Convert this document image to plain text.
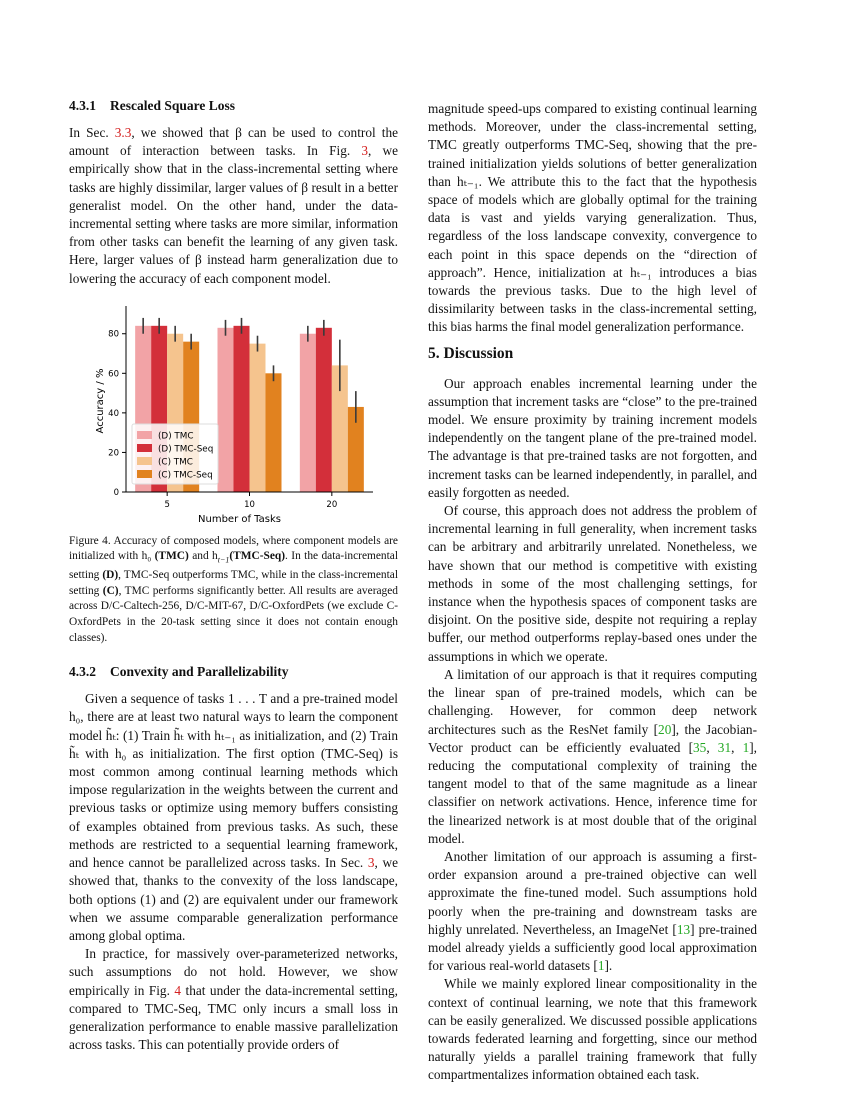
4.3.1 Rescaled Square Loss

In Sec. 3.3, we showed that β can be used to control the amount of interaction between tasks. In Fig. 3, we empirically show that in the class-incremental setting where tasks are highly dissimilar, larger values of β result in a better generalist model. On the other hand, under the data-incremental setting where tasks are more similar, information from other tasks can benefit the learning of any given task. Here, larger values of β instead harm generalization due to lowering the accuracy of each component model.

5	10	20
0
20
40
60
80
Number of Tasks
Accuracy / %
(D) TMC
(D) TMC-Seq
(C) TMC
(C) TMC-Seq
Figure 4. Accuracy of composed models, where component models are initialized with h₀ (TMC) and $h_{t-1}(TMC-Seq)$. In the data-incremental setting (D), TMC-Seq outperforms TMC, while in the class-incremental setting (C), TMC performs significantly better. All results are averaged across D/C-Caltech-256, D/C-MIT-67, D/C-OxfordPets (we exclude C-OxfordPets in the 20-task setting since it does not contain enough classes).
4.3.2 Convexity and Parallelizability

Given a sequence of tasks 1 . . . T and a pre-trained model h₀, there are at least two natural ways to learn the component model h̃ₜ: (1) Train h̃ₜ with hₜ₋₁ as initialization, and (2) Train h̃ₜ with h₀ as initialization. The first option (TMC-Seq) is most common among continual learning methods which impose regularization in the weights between the current and previous tasks or optimize using memory buffers consisting of examples obtained from previous tasks. As such, these methods are restricted to a sequential learning framework, and hence cannot be parallelized across tasks. In Sec. 3, we showed that, thanks to the convexity of the loss landscape, both options (1) and (2) are equivalent under our framework when we assume comparable generalization performance among global optima.

In practice, for massively over-parameterized networks, such assumptions do not hold. However, we show empirically in Fig. 4 that under the data-incremental setting, compared to TMC-Seq, TMC only incurs a small loss in generalization performance to enable massive parallelization across tasks. This can potentially provide orders of

magnitude speed-ups compared to existing continual learning methods. Moreover, under the class-incremental setting, TMC greatly outperforms TMC-Seq, showing that the pre-trained initialization yields solutions of better generalization than hₜ₋₁. We attribute this to the fact that the hypothesis space of models which are globally optimal for the training data is vast and yields varying generalization. Thus, regardless of the loss landscape convexity, convergence to each point in this space depends on the “direction of approach”. Hence, initialization at hₜ₋₁ introduces a bias towards the previous tasks. Due to the high level of dissimilarity between tasks in the class-incremental setting, this bias harms the final model generalization performance.

5. Discussion

Our approach enables incremental learning under the assumption that increment tasks are “close” to the pre-trained model. We ensure proximity by training increment models independently on the tangent plane of the pre-trained model. The advantage is that pre-trained tasks are not forgotten, and increment tasks can be learned independently, in parallel, and easily forgotten as needed.

Of course, this approach does not address the problem of incremental learning in full generality, when increment tasks can be arbitrary and arbitrarily unrelated. Nonetheless, we have shown that our method is competitive with existing methods in some of the most challenging settings, for instance when the hypothesis spaces of component tasks are disjoint. On the positive side, despite not requiring a replay buffer, our method outperforms replay-based ones under the assumptions in which we operate.

A limitation of our approach is that it requires computing the linear span of pre-trained models, which can be challenging. However, for common deep network architectures such as the ResNet family [20], the Jacobian-Vector product can be efficiently evaluated [35, 31, 1], reducing the computational complexity of training the tangent model to that of the same magnitude as a linear classifier on network activations. Hence, inference time for the linearized network is at most double that of the original model.

Another limitation of our approach is assuming a first-order expansion around a pre-trained objective can well approximate the fine-tuned model. Such assumptions hold poorly when the pre-training and downstream tasks are highly unrelated. Nevertheless, an ImageNet [13] pre-trained model already yields a sufficiently good local approximation for various real-world datasets [1].

While we mainly explored linear compositionality in the context of continual learning, we note that this framework can be easily generalized. We discussed possible applications towards federated learning and forgetting, since our method naturally yields a parallel training framework that fully compartmentalizes information obtained each task.
